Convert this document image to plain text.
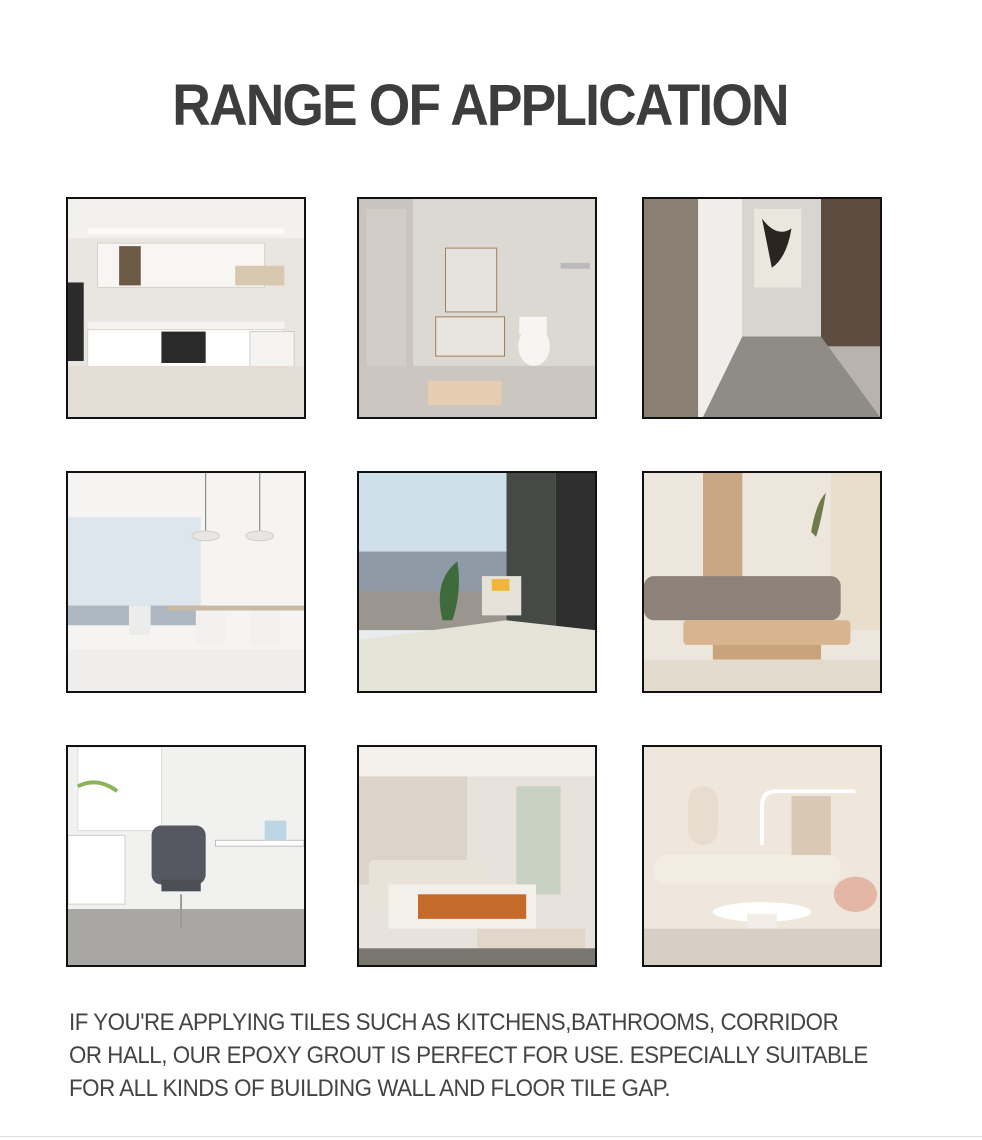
RANGE OF APPLICATION
IF YOU'RE APPLYING TILES SUCH AS KITCHENS,BATHROOMS, CORRIDOR
OR HALL, OUR EPOXY GROUT IS PERFECT FOR USE. ESPECIALLY SUITABLE
FOR ALL KINDS OF BUILDING WALL AND FLOOR TILE GAP.
